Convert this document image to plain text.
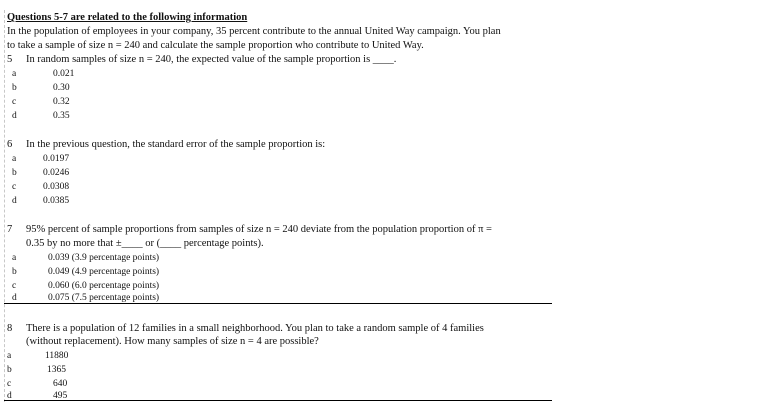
Questions 5-7 are related to the following information
In the population of employees in your company, 35 percent contribute to the annual United Way campaign. You plan
to take a sample of size n = 240 and calculate the sample proportion who contribute to United Way.
5 In random samples of size n = 240, the expected value of the sample proportion is ____.
a	0.021
b	0.30
c	0.32
d	0.35
6 In the previous question, the standard error of the sample proportion is:
a	0.0197
b	0.0246
c	0.0308
d	0.0385
7 95% percent of sample proportions from samples of size n = 240 deviate from the population proportion of π =
0.35 by no more that ±____ or (____ percentage points).
a	0.039 (3.9 percentage points)
b	0.049 (4.9 percentage points)
c	0.060 (6.0 percentage points)
d	0.075 (7.5 percentage points)
8 There is a population of 12 families in a small neighborhood. You plan to take a random sample of 4 families
(without replacement). How many samples of size n = 4 are possible?
a	11880
b	1365
c	640
d	495
